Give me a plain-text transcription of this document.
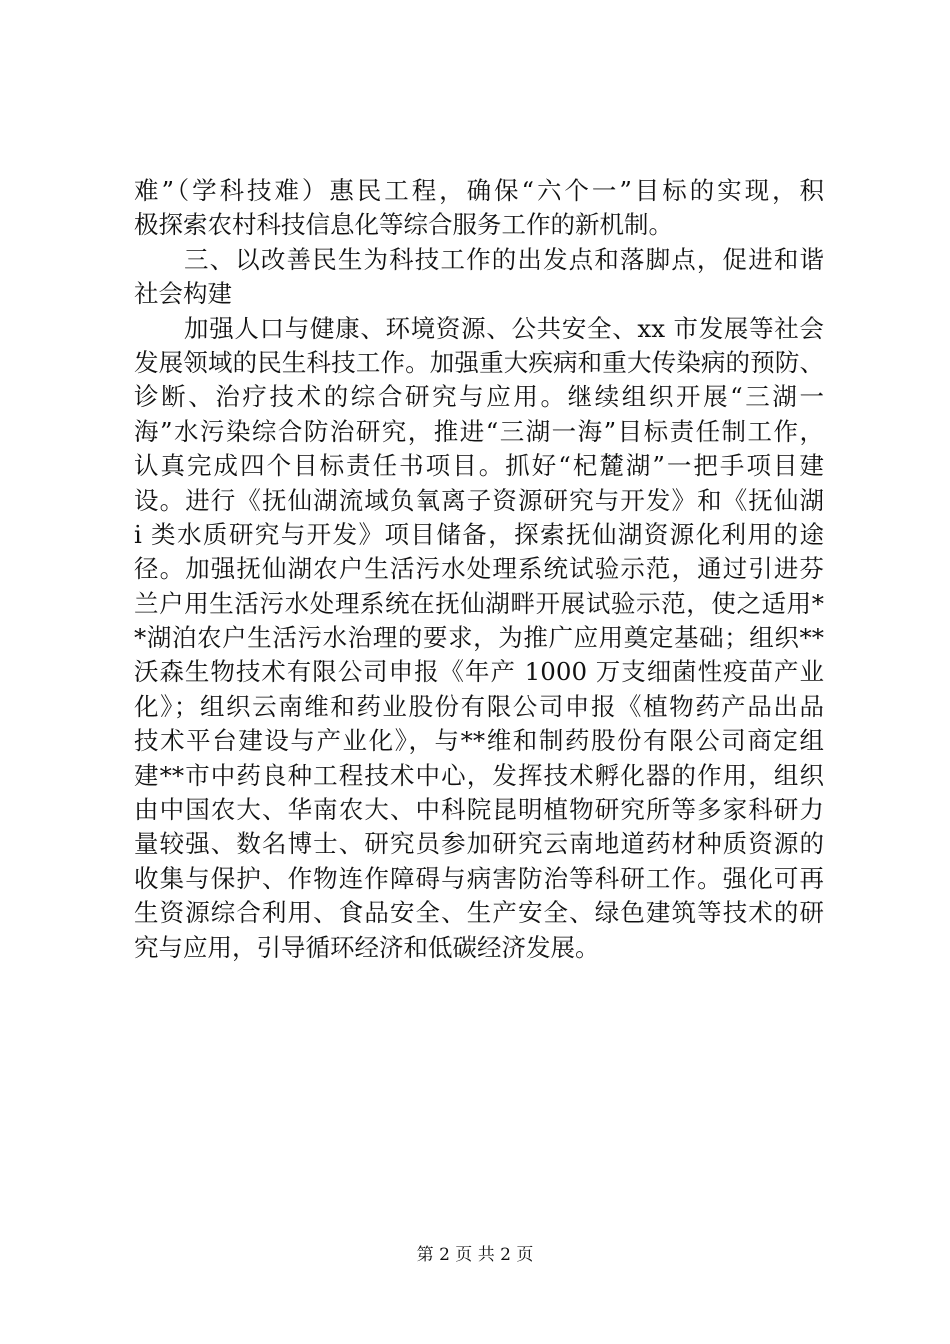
难”（学科技难）惠民工程，确保“六个一”目标的实现，积
极探索农村科技信息化等综合服务工作的新机制。
三、以改善民生为科技工作的出发点和落脚点，促进和谐
社会构建
加强人口与健康、环境资源、公共安全、xx 市发展等社会
发展领域的民生科技工作。加强重大疾病和重大传染病的预防、
诊断、治疗技术的综合研究与应用。继续组织开展“三湖一
海”水污染综合防治研究，推进“三湖一海”目标责任制工作，
认真完成四个目标责任书项目。抓好“杞麓湖”一把手项目建
设。进行《抚仙湖流域负氧离子资源研究与开发》和《抚仙湖
i 类水质研究与开发》项目储备，探索抚仙湖资源化利用的途
径。加强抚仙湖农户生活污水处理系统试验示范，通过引进芬
兰户用生活污水处理系统在抚仙湖畔开展试验示范，使之适用*
*湖泊农户生活污水治理的要求，为推广应用奠定基础；组织**
沃森生物技术有限公司申报《年产 1000 万支细菌性疫苗产业
化》；组织云南维和药业股份有限公司申报《植物药产品出品
技术平台建设与产业化》，与**维和制药股份有限公司商定组
建**市中药良种工程技术中心，发挥技术孵化器的作用，组织
由中国农大、华南农大、中科院昆明植物研究所等多家科研力
量较强、数名博士、研究员参加研究云南地道药材种质资源的
收集与保护、作物连作障碍与病害防治等科研工作。强化可再
生资源综合利用、食品安全、生产安全、绿色建筑等技术的研
究与应用，引导循环经济和低碳经济发展。
第 2 页 共 2 页
